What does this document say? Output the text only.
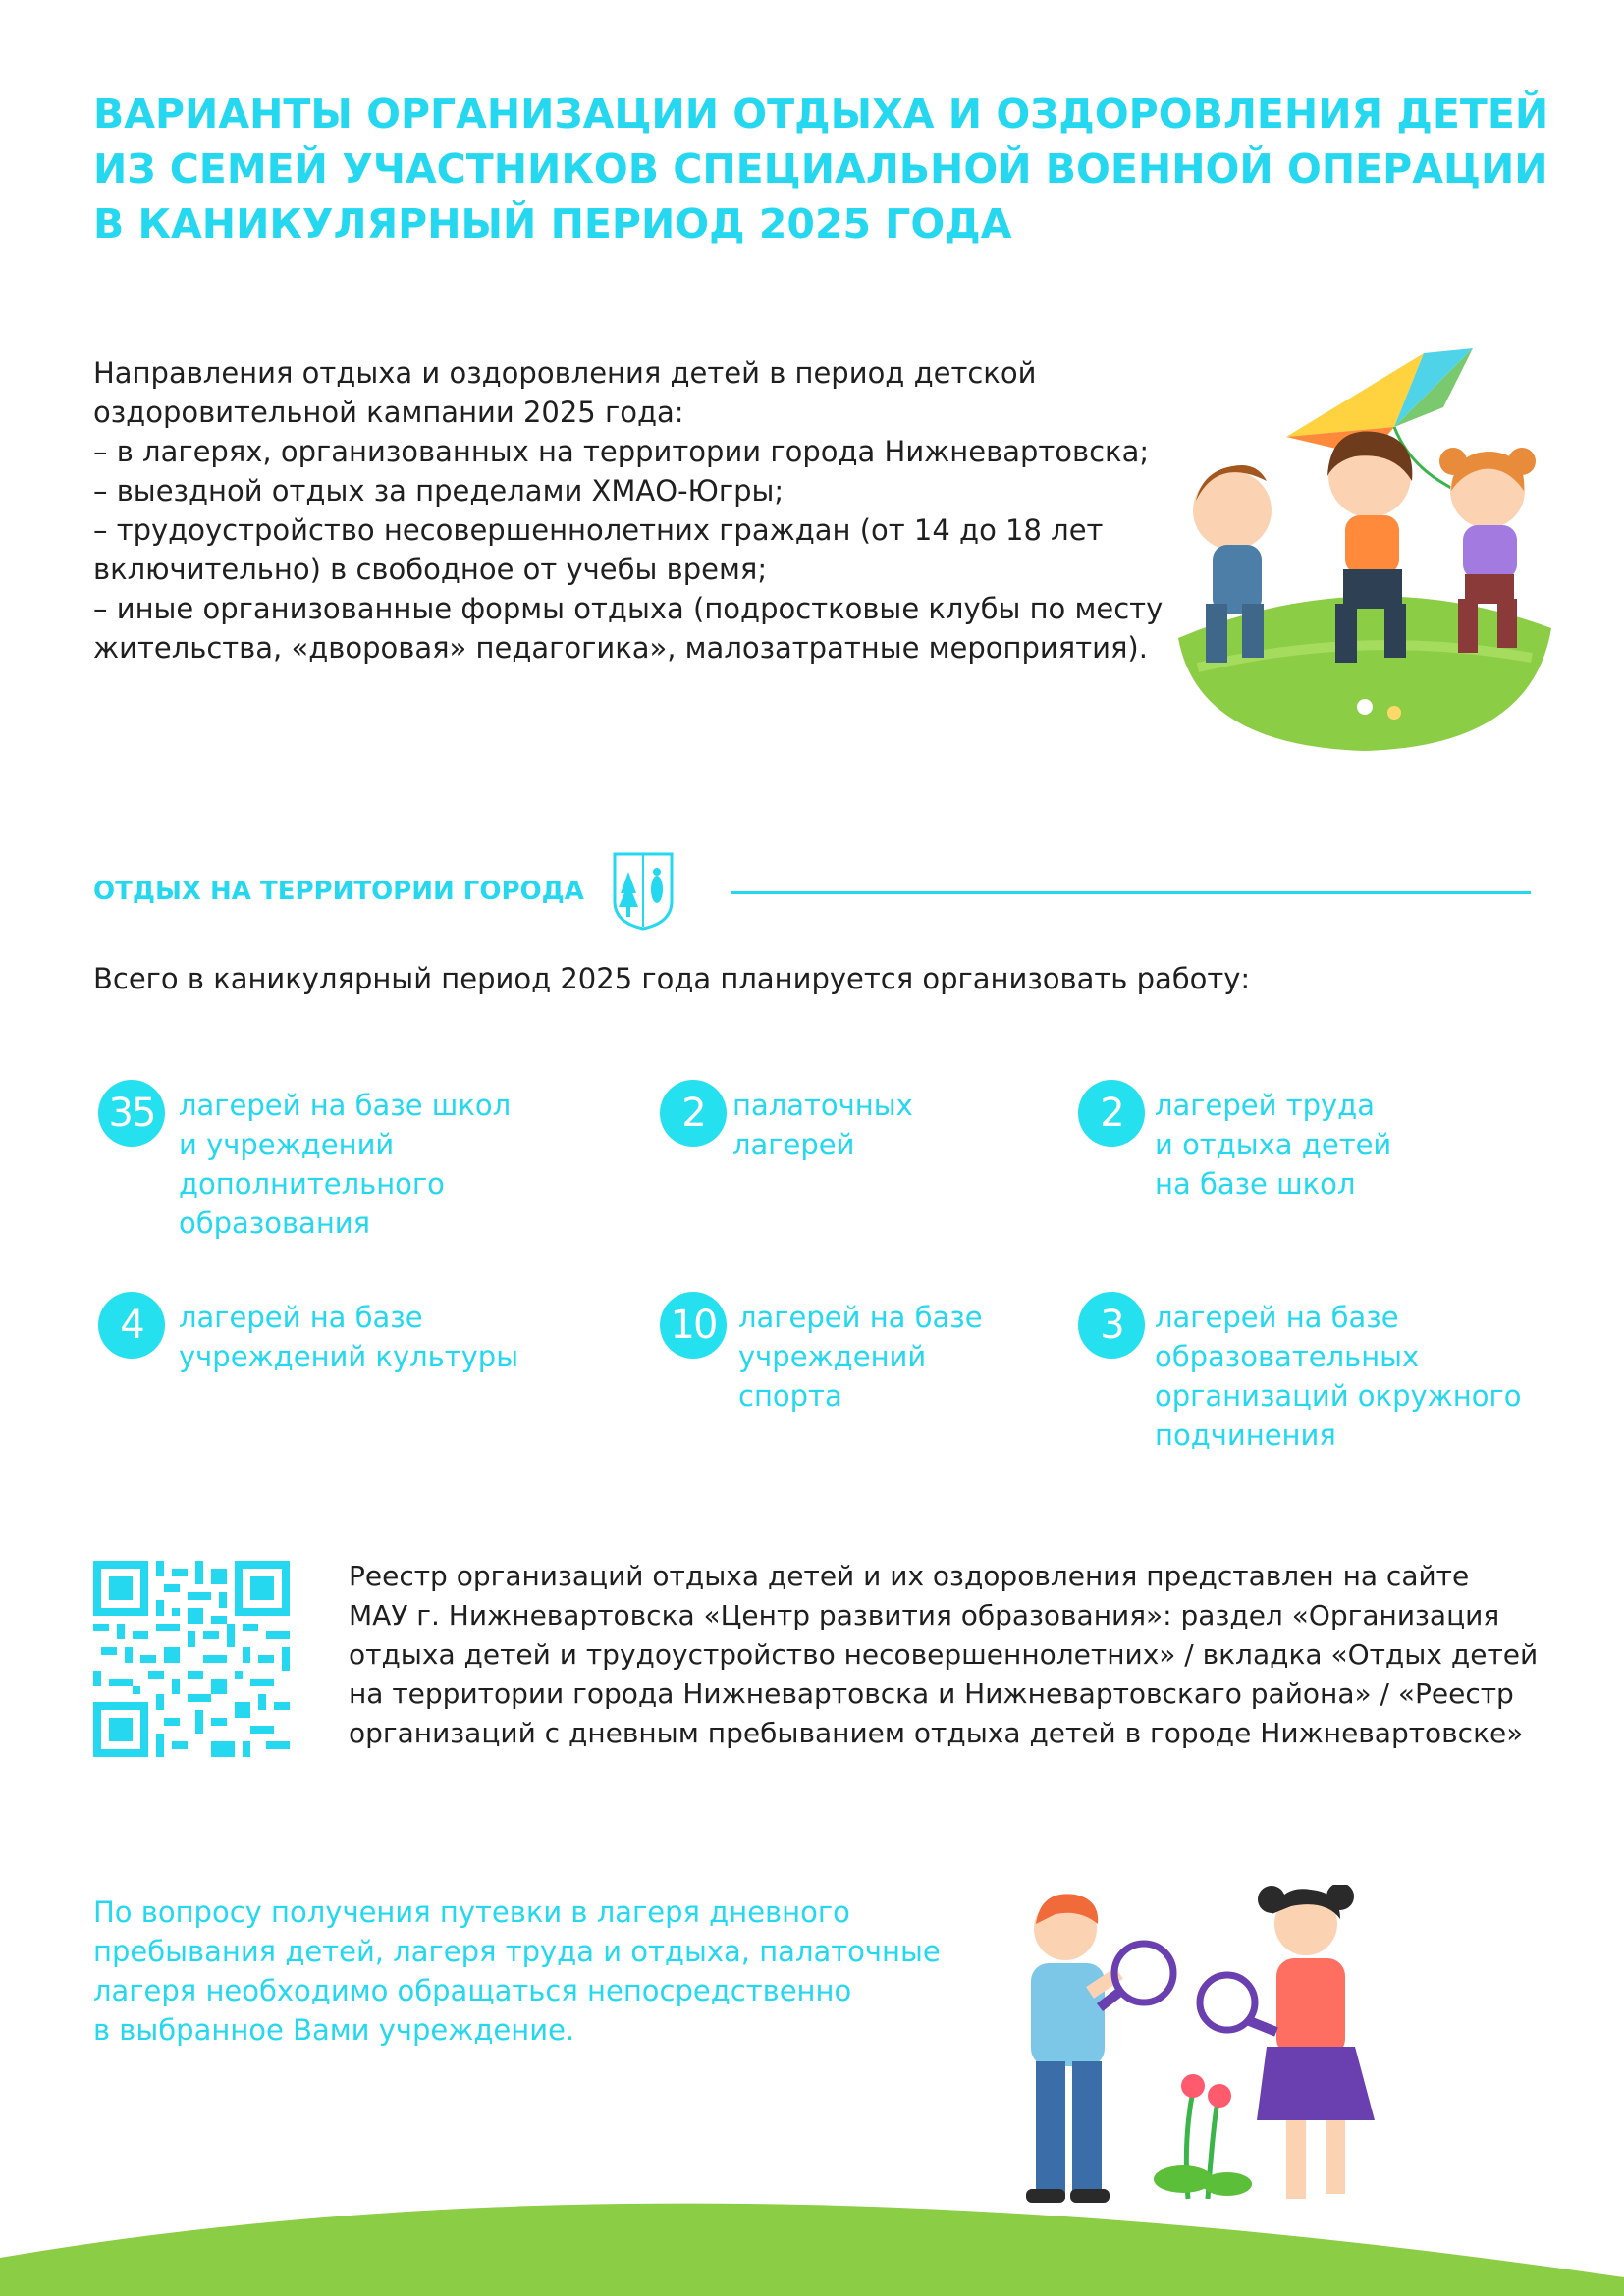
ВАРИАНТЫ ОРГАНИЗАЦИИ ОТДЫХА И ОЗДОРОВЛЕНИЯ ДЕТЕЙ
ИЗ СЕМЕЙ УЧАСТНИКОВ СПЕЦИАЛЬНОЙ ВОЕННОЙ ОПЕРАЦИИ
В КАНИКУЛЯРНЫЙ ПЕРИОД 2025 ГОДА
Направления отдыха и оздоровления детей в период детской
оздоровительной кампании 2025 года:
– в лагерях, организованных на территории города Нижневартовска;
– выездной отдых за пределами ХМАО-Югры;
– трудоустройство несовершеннолетних граждан (от 14 до 18 лет
включительно) в свободное от учебы время;
– иные организованные формы отдыха (подростковые клубы по месту
жительства, «дворовая» педагогика», малозатратные мероприятия).
ОТДЫХ НА ТЕРРИТОРИИ ГОРОДА
Всего в каникулярный период 2025 года планируется организовать работу:
35 лагерей на базе школ
и учреждений
дополнительного
образования
2 палаточных
лагерей
2	лагерей труда
и отдыха детей
на базе школ
4	лагерей на базе
учреждений культуры
10 лагерей на базе
учреждений
спорта
3	лагерей на базе
образовательных
организаций окружного
подчинения
Реестр организаций отдыха детей и их оздоровления представлен на сайте
МАУ г. Нижневартовска «Центр развития образования»: раздел «Организация
отдыха детей и трудоустройство несовершеннолетних» / вкладка «Отдых детей
на территории города Нижневартовска и Нижневартовскаго района» / «Реестр
организаций с дневным пребыванием отдыха детей в городе Нижневартовске»
По вопросу получения путевки в лагеря дневного
пребывания детей, лагеря труда и отдыха, палаточные
лагеря необходимо обращаться непосредственно
в выбранное Вами учреждение.
